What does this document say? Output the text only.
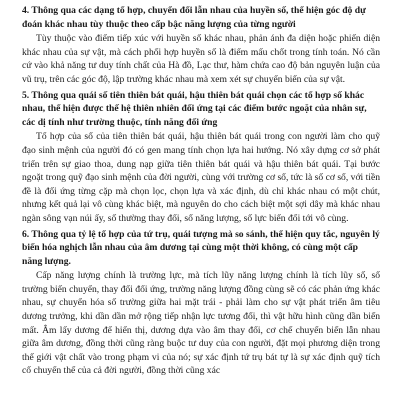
4. Thông qua các dạng tổ hợp, chuyển đổi lẫn nhau của huyền số, thể hiện góc độ dự đoán khác nhau tùy thuộc theo cấp bậc năng lượng của từng người
Tùy thuộc vào điểm tiếp xúc với huyền số khác nhau, phản ánh đa diện hoặc phiến diện khác nhau của sự vật, mà cách phối hợp huyền số là điểm mấu chốt trong tính toán. Nó cần cứ vào khả năng tư duy tính chất của Hà đồ, Lạc thư, hàm chứa cao độ bản nguyên luận của vũ trụ, trên các góc độ, lập trường khác nhau mà xem xét sự chuyển biến của sự vật.
5. Thông qua quái số tiên thiên bát quái, hậu thiên bát quái chọn các tổ hợp số khác nhau, thể hiện được thế hệ thiên nhiên đối ứng tại các điểm bước ngoặt của nhân sự, các dị tính như trường thuộc, tính năng đối ứng
Tổ hợp của số của tiên thiên bát quái, hậu thiên bát quái trong con người làm cho quỹ đạo sinh mệnh của người đó có gen mang tính chọn lựa hai hướng. Nó xây dựng cơ sở phát triển trên sự giao thoa, dung nạp giữa tiên thiên bát quái và hậu thiên bát quái. Tại bước ngoặt trong quỹ đạo sinh mệnh của đời người, cùng với trường cơ số, tức là số cơ số, với tiền đề là đối ứng từng cặp mà chọn lọc, chọn lựa và xác định, dù chỉ khác nhau có một chút, nhưng kết quả lại vô cùng khác biệt, mà nguyên do cho cách biệt một sợi dây mà khác nhau ngàn sông vạn núi ấy, số thường thay đổi, số năng lượng, số lực biến đổi tới vô cùng.
6. Thông qua tỷ lệ tổ hợp của tứ trụ, quái tượng mà so sánh, thể hiện quy tắc, nguyên lý biến hóa nghịch lẫn nhau của âm dương tại cùng một thời không, có cùng một cấp năng lượng.
Cấp năng lượng chính là trường lực, mà tích lũy năng lượng chính là tích lũy số, số trường biến chuyển, thay đổi đối ứng, trường năng lượng đồng cùng sẽ có các phản ứng khác nhau, sự chuyển hóa số trường giữa hai mặt trái - phải làm cho sự vật phát triển âm tiêu dương trưởng, khi dần dần mở rộng tiếp nhận lực tương đối, thì vật hữu hình cũng dần biến mất. Âm lấy dương để hiển thị, dương dựa vào âm thay đổi, cơ chế chuyển biến lẫn nhau giữa âm dương, đồng thời cũng ràng buộc tư duy của con người, đặt mọi phương diện trong thế giới vật chất vào trong phạm vi của nó; sự xác định tứ trụ bát tự là sự xác định quỹ tích cố chuyển thể của cả đời người, đồng thời cũng xác
